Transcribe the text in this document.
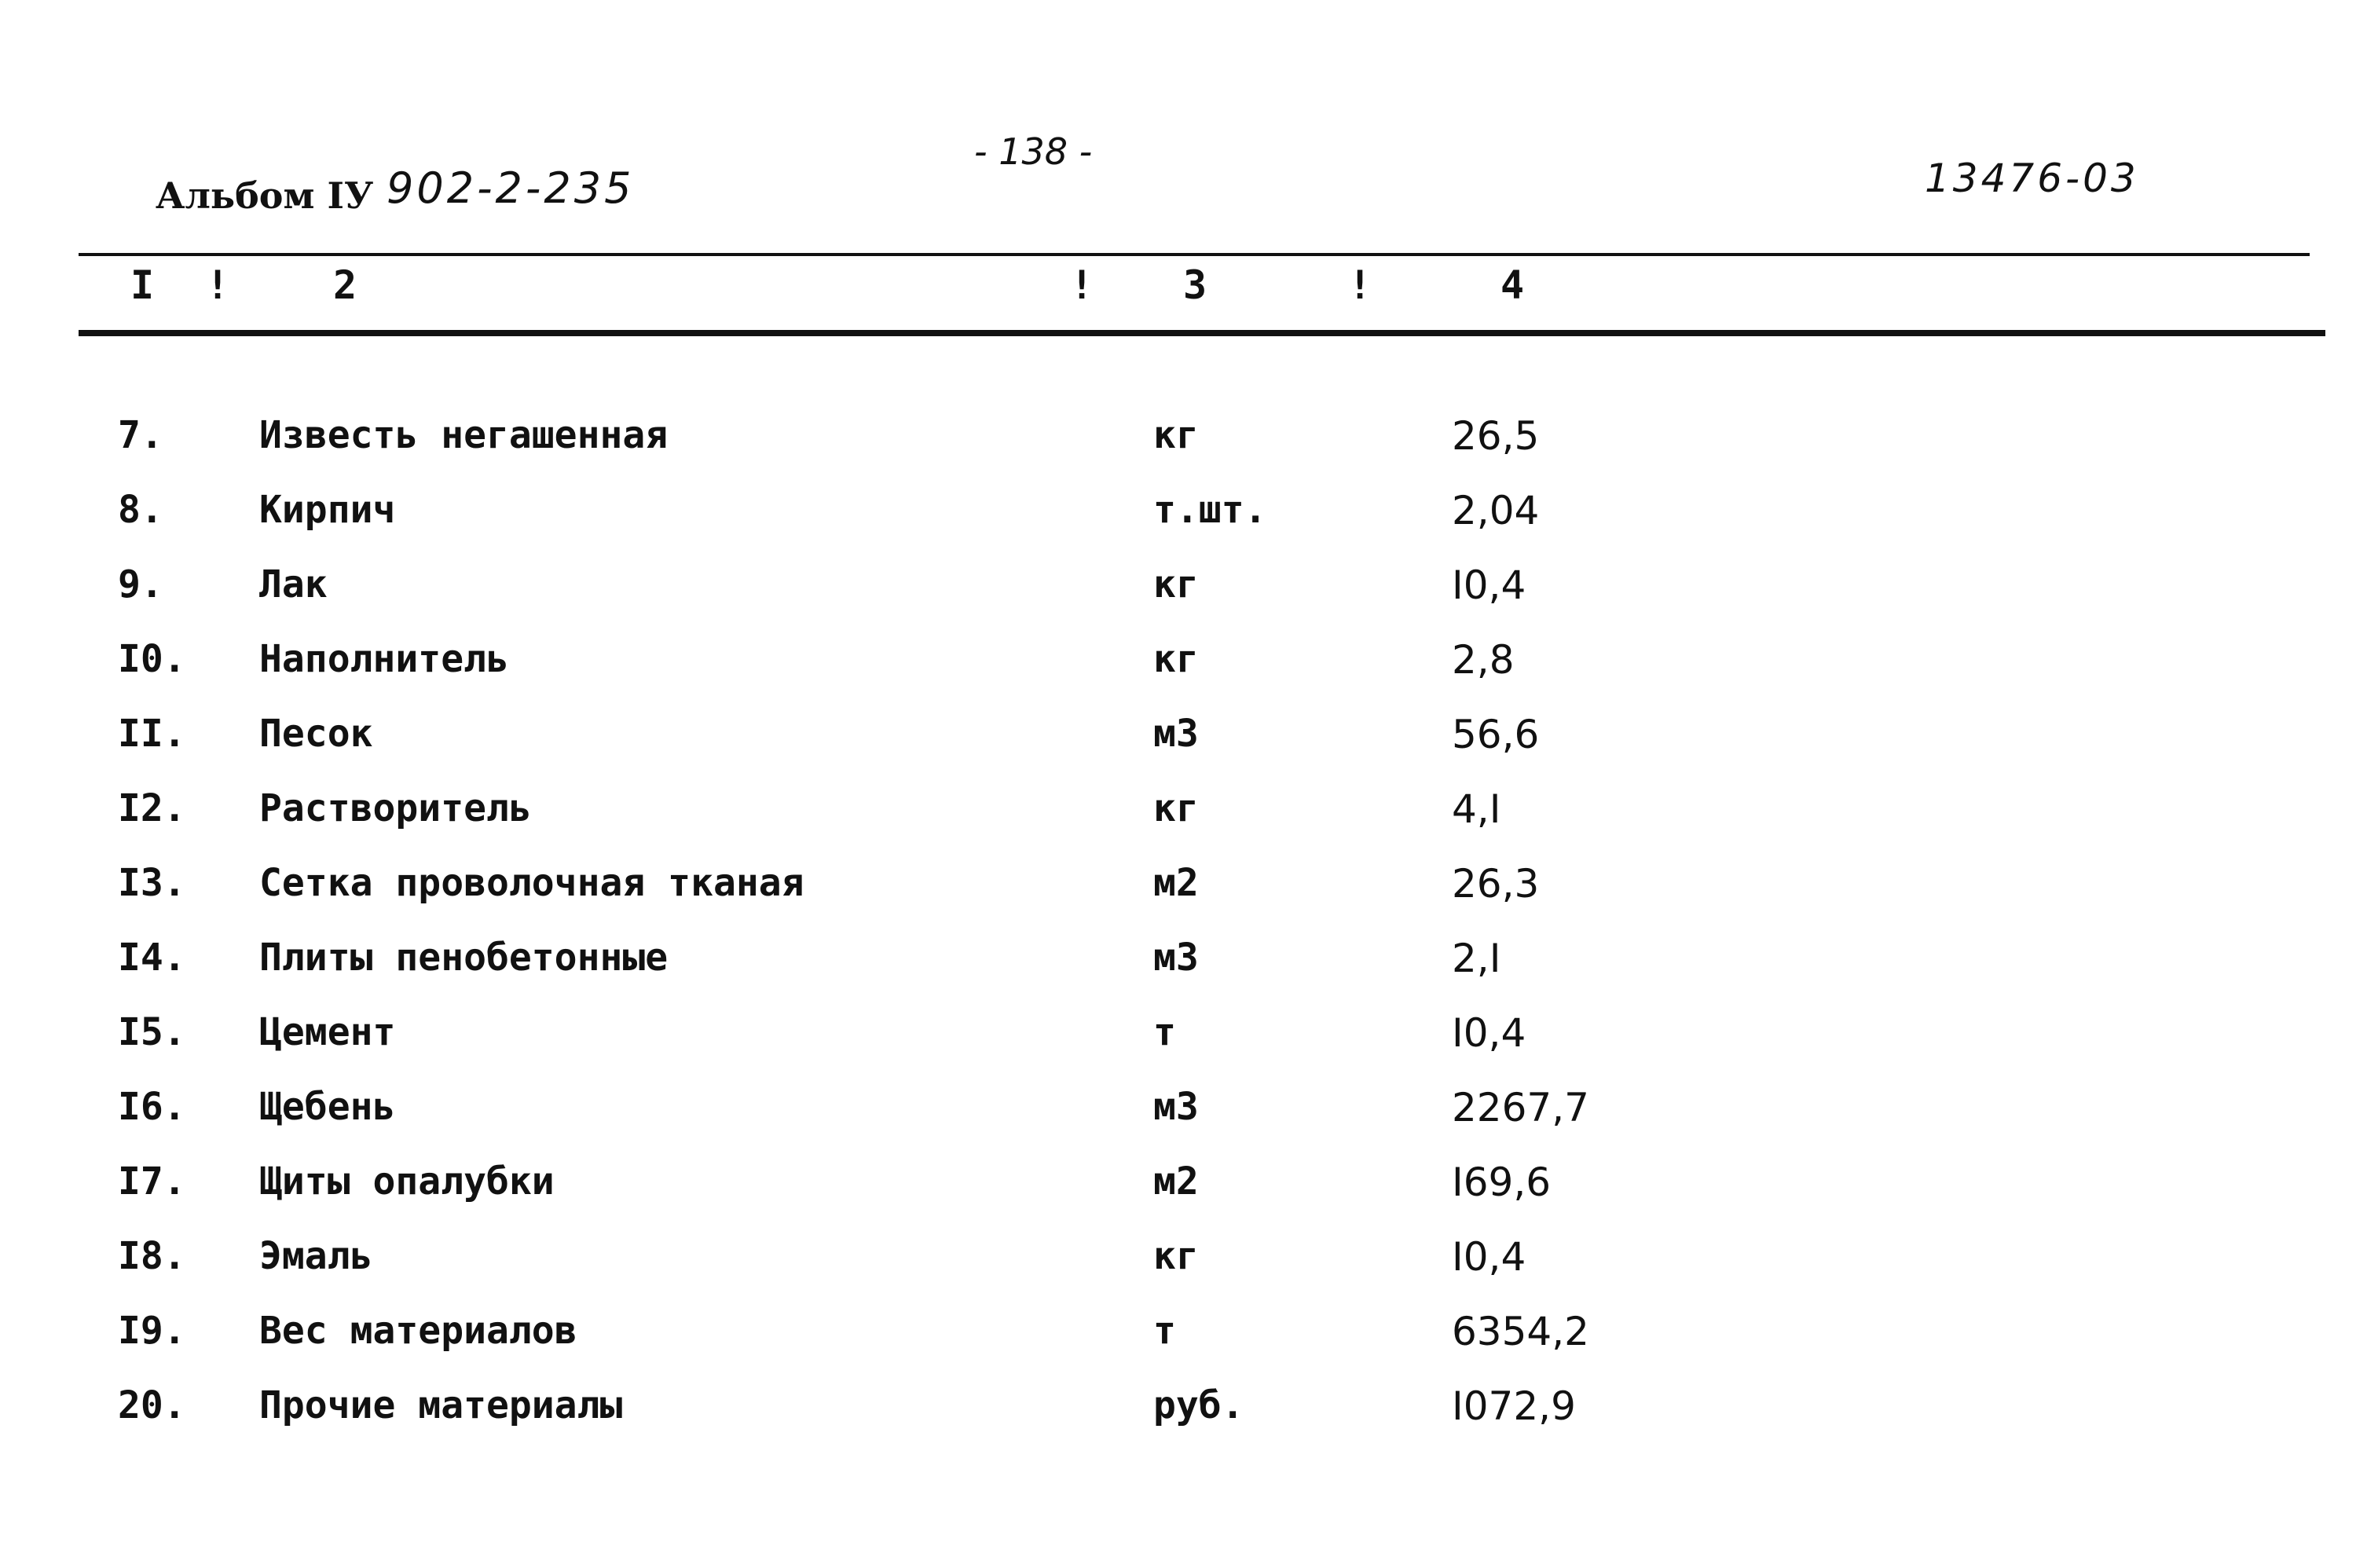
Альбом IУ 902-2-235
- 138 -
13476-03
I !	2	! 3	!	4
7.	Известь негашенная	кг	26,5
8.	Кирпич	т.шт.	2,04
9.	Лак	кг	I0,4
I0. Наполнитель	кг	2,8
II. Песок	м3	56,6
I2. Растворитель	кг	4,I
I3. Сетка проволочная тканая	м2	26,3
I4. Плиты пенобетонные	м3	2,I
I5. Цемент	т	I0,4
I6. Щебень	м3	2267,7
I7. Щиты опалубки	м2	I69,6
I8. Эмаль	кг	I0,4
I9. Вес материалов	т	6354,2
20. Прочие материалы	руб.	I072,9
